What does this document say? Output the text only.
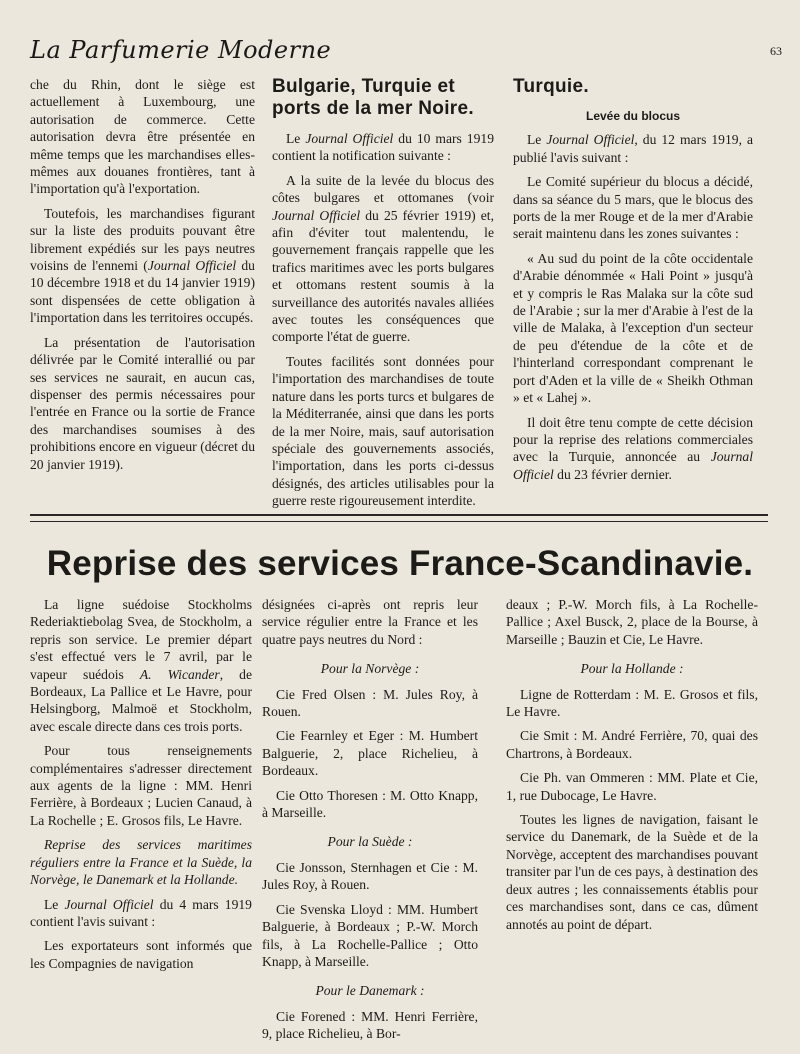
La Parfumerie Moderne	63

che du Rhin, dont le siège est actuellement à Luxembourg, une autorisation de commerce. Cette autorisation devra être présentée en même temps que les marchandises elles-mêmes aux douanes frontières, tant à l'importation qu'à l'exportation.

Toutefois, les marchandises figurant sur la liste des produits pouvant être librement expédiés sur les pays neutres voisins de l'ennemi (Journal Officiel du 10 décembre 1918 et du 14 janvier 1919) sont dispensées de cette obligation à l'importation dans les territoires occupés.

La présentation de l'autorisation délivrée par le Comité interallié ou par ses services ne saurait, en aucun cas, dispenser des permis nécessaires pour l'entrée en France ou la sortie de France des marchandises soumises à des prohibitions encore en vigueur (décret du 20 janvier 1919).

Bulgarie, Turquie et ports de la mer Noire.

Le Journal Officiel du 10 mars 1919 contient la notification suivante :

A la suite de la levée du blocus des côtes bulgares et ottomanes (voir Journal Officiel du 25 février 1919) et, afin d'éviter tout malentendu, le gouvernement français rappelle que les trafics maritimes avec les ports bulgares et ottomans restent soumis à la surveillance des autorités navales alliées avec toutes les conséquences que comporte l'état de guerre.

Toutes facilités sont données pour l'importation des marchandises de toute nature dans les ports turcs et bulgares de la Méditerranée, ainsi que dans les ports de la mer Noire, mais, sauf autorisation spéciale des gouvernements associés, l'importation, dans les ports ci-dessus désignés, des articles utilisables pour la guerre reste rigoureusement interdite.

Turquie.
Levée du blocus

Le Journal Officiel, du 12 mars 1919, a publié l'avis suivant :

Le Comité supérieur du blocus a décidé, dans sa séance du 5 mars, que le blocus des ports de la mer Rouge et de la mer d'Arabie serait maintenu dans les zones suivantes :

« Au sud du point de la côte occidentale d'Arabie dénommée « Hali Point » jusqu'à et y compris le Ras Malaka sur la côte sud de l'Arabie ; sur la mer d'Arabie à l'est de la ville de Malaka, à l'exception d'un secteur de peu d'étendue de la côte et de l'hinterland correspondant comprenant le port d'Aden et la ville de « Sheikh Othman » et « Lahej ».

Il doit être tenu compte de cette décision pour la reprise des relations commerciales avec la Turquie, annoncée au Journal Officiel du 23 février dernier.

Reprise des services France-Scandinavie.

La ligne suédoise Stockholms Rederiaktiebolag Svea, de Stockholm, a repris son service. Le premier départ s'est effectué vers le 7 avril, par le vapeur suédois A. Wicander, de Bordeaux, La Pallice et Le Havre, pour Helsingborg, Malmoë et Stockholm, avec escale directe dans ces trois ports.

Pour tous renseignements complémentaires s'adresser directement aux agents de la ligne : MM. Henri Ferrière, à Bordeaux ; Lucien Canaud, à La Rochelle ; E. Grosos fils, Le Havre.

Reprise des services maritimes réguliers entre la France et la Suède, la Norvège, le Danemark et la Hollande.

Le Journal Officiel du 4 mars 1919 contient l'avis suivant :

Les exportateurs sont informés que les Compagnies de navigation

désignées ci-après ont repris leur service régulier entre la France et les quatre pays neutres du Nord :

Pour la Norvège :

Cie Fred Olsen : M. Jules Roy, à Rouen.

Cie Fearnley et Eger : M. Humbert Balguerie, 2, place Richelieu, à Bordeaux.

Cie Otto Thoresen : M. Otto Knapp, à Marseille.

Pour la Suède :

Cie Jonsson, Sternhagen et Cie : M. Jules Roy, à Rouen.

Cie Svenska Lloyd : MM. Humbert Balguerie, à Bordeaux ; P.-W. Morch fils, à La Rochelle-Pallice ; Otto Knapp, à Marseille.

Pour le Danemark :

Cie Forened : MM. Henri Ferrière, 9, place Richelieu, à Bor-

deaux ; P.-W. Morch fils, à La Rochelle-Pallice ; Axel Busck, 2, place de la Bourse, à Marseille ; Bauzin et Cie, Le Havre.

Pour la Hollande :

Ligne de Rotterdam : M. E. Grosos et fils, Le Havre.

Cie Smit : M. André Ferrière, 70, quai des Chartrons, à Bordeaux.

Cie Ph. van Ommeren : MM. Plate et Cie, 1, rue Dubocage, Le Havre.

Toutes les lignes de navigation, faisant le service du Danemark, de la Suède et de la Norvège, acceptent des marchandises pouvant transiter par l'un de ces pays, à destination des deux autres ; les connaissements établis pour ces marchandises sont, dans ce cas, dûment annotés au point de départ.
